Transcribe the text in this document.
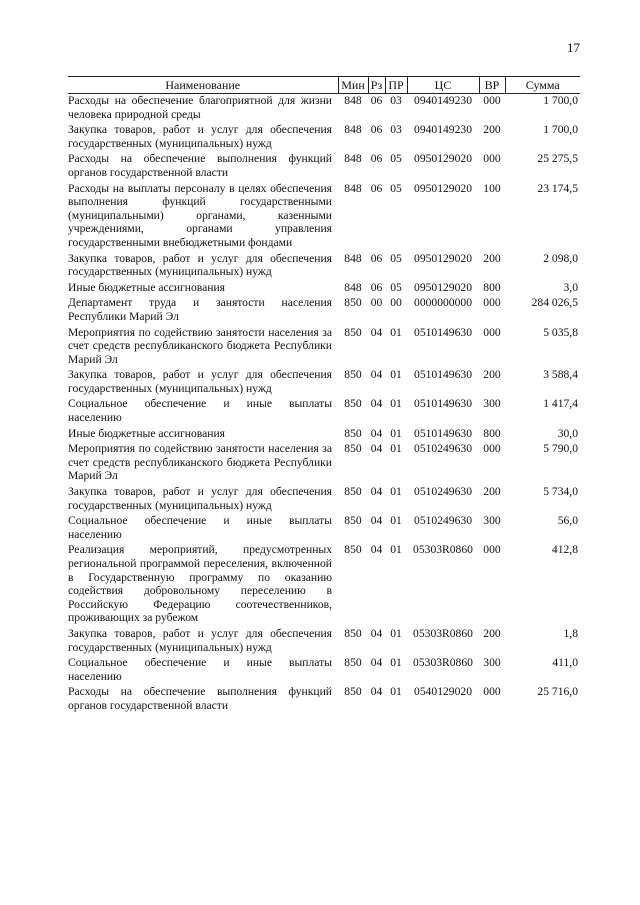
17
Наименование	Мин	Рз	ПР	ЦС	ВР	Сумма
Расходы на обеспечение благоприятной для жизни человека природной среды	848	06	03	0940149230	000	1 700,0
Закупка товаров, работ и услуг для обеспечения государственных (муниципальных) нужд	848	06	03	0940149230	200	1 700,0
Расходы на обеспечение выполнения функций органов государственной власти	848	06	05	0950129020	000	25 275,5
Расходы на выплаты персоналу в целях обеспечения выполнения функций государственными (муниципальными) органами, казенными учреждениями, органами управления государственными внебюджетными фондами	848	06	05	0950129020	100	23 174,5
Закупка товаров, работ и услуг для обеспечения государственных (муниципальных) нужд	848	06	05	0950129020	200	2 098,0
Иные бюджетные ассигнования	848	06	05	0950129020	800	3,0
Департамент труда и занятости населения Республики Марий Эл	850	00	00	0000000000	000	284 026,5
Мероприятия по содействию занятости населения за счет средств республиканского бюджета Республики Марий Эл	850	04	01	0510149630	000	5 035,8
Закупка товаров, работ и услуг для обеспечения государственных (муниципальных) нужд	850	04	01	0510149630	200	3 588,4
Социальное обеспечение и иные выплаты населению	850	04	01	0510149630	300	1 417,4
Иные бюджетные ассигнования	850	04	01	0510149630	800	30,0
Мероприятия по содействию занятости населения за счет средств республиканского бюджета Республики Марий Эл	850	04	01	0510249630	000	5 790,0
Закупка товаров, работ и услуг для обеспечения государственных (муниципальных) нужд	850	04	01	0510249630	200	5 734,0
Социальное обеспечение и иные выплаты населению	850	04	01	0510249630	300	56,0
Реализация мероприятий, предусмотренных региональной программой переселения, включенной в Государственную программу по оказанию содействия добровольному переселению в Российскую Федерацию соотечественников, проживающих за рубежом	850	04	01	05303R0860	000	412,8
Закупка товаров, работ и услуг для обеспечения государственных (муниципальных) нужд	850	04	01	05303R0860	200	1,8
Социальное обеспечение и иные выплаты населению	850	04	01	05303R0860	300	411,0
Расходы на обеспечение выполнения функций органов государственной власти	850	04	01	0540129020	000	25 716,0
